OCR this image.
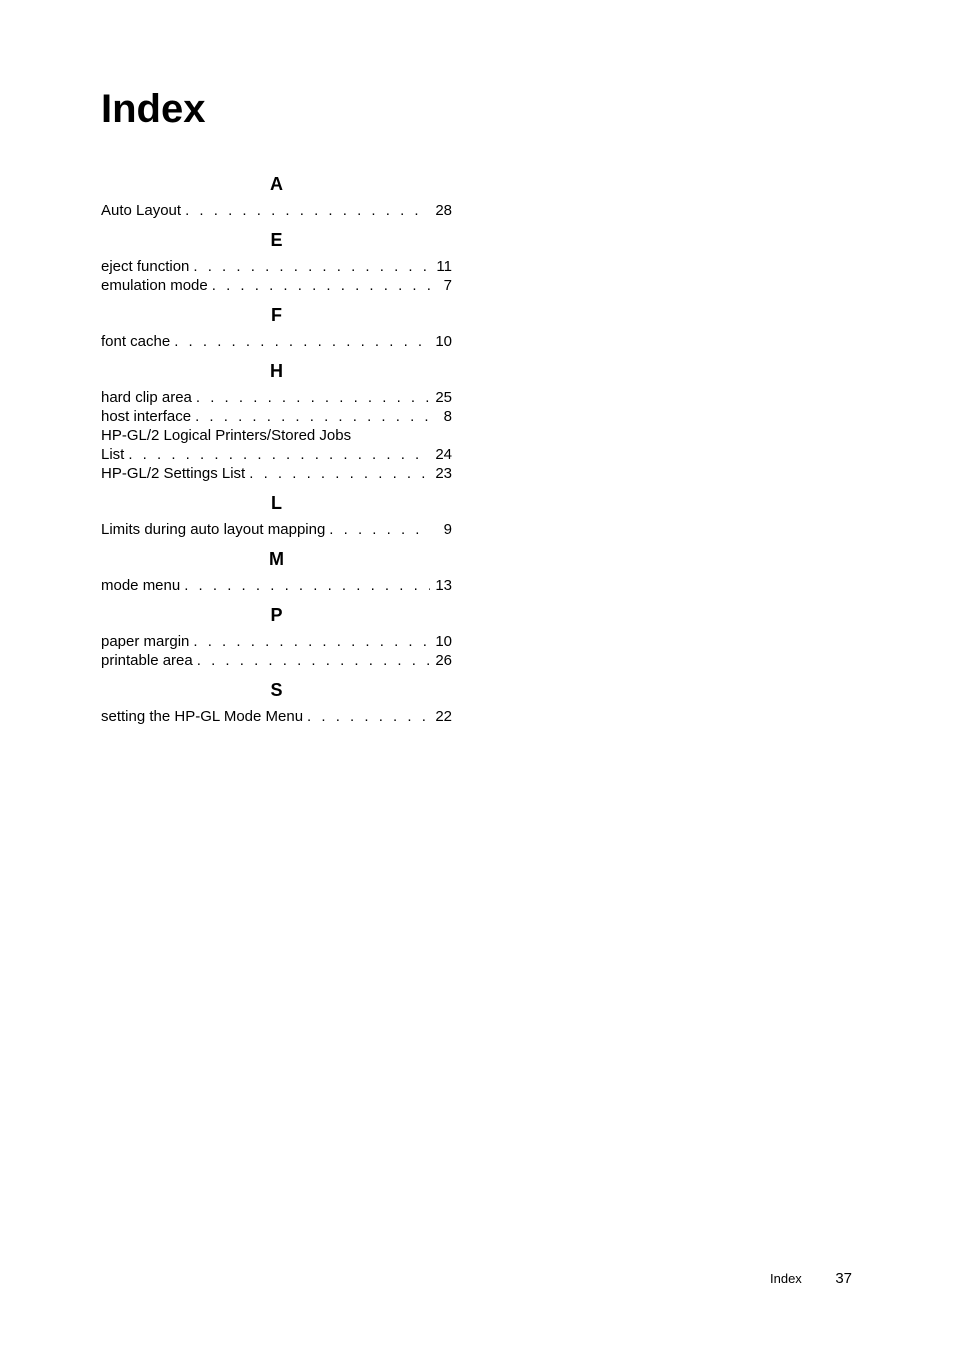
Index
A
Auto Layout . . .	28
E
eject function . . .	11
emulation mode . . .	7
F
font cache . . .	10
H
hard clip area . . .	25
host interface . . .	8
HP-GL/2 Logical Printers/Stored Jobs
List . . .	24
HP-GL/2 Settings List . . .	23
L
Limits during auto layout mapping . . .	9
M
mode menu . . .	13
P
paper margin . . .	10
printable area . . .	26
S
setting the HP-GL Mode Menu . . .	22
Index 37
